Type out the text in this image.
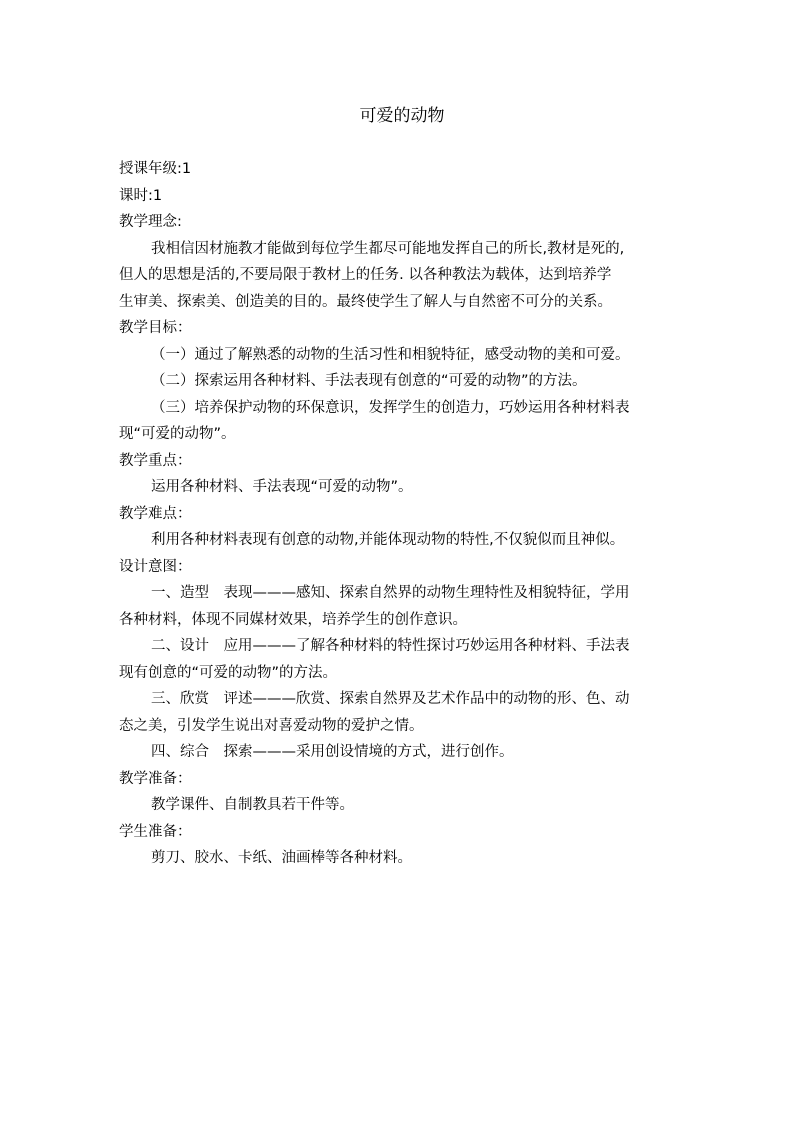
可爱的动物

授课年级:1

课时:1

教学理念:

我相信因材施教才能做到每位学生都尽可能地发挥自己的所长,教材是死的,

但人的思想是活的,不要局限于教材上的任务. 以各种教法为载体，达到培养学

生审美、探索美、创造美的目的。最终使学生了解人与自然密不可分的关系。

教学目标：

（一）通过了解熟悉的动物的生活习性和相貌特征，感受动物的美和可爱。

（二）探索运用各种材料、手法表现有创意的“可爱的动物”的方法。

（三）培养保护动物的环保意识，发挥学生的创造力，巧妙运用各种材料表

现“可爱的动物”。

教学重点：

运用各种材料、手法表现“可爱的动物”。

教学难点：

利用各种材料表现有创意的动物,并能体现动物的特性,不仅貌似而且神似。

设计意图：

一、造型　表现———感知、探索自然界的动物生理特性及相貌特征，学用

各种材料，体现不同媒材效果，培养学生的创作意识。

二、设计　应用———了解各种材料的特性探讨巧妙运用各种材料、手法表

现有创意的“可爱的动物”的方法。

三、欣赏　评述———欣赏、探索自然界及艺术作品中的动物的形、色、动

态之美，引发学生说出对喜爱动物的爱护之情。

四、综合　探索———采用创设情境的方式，进行创作。

教学准备：

教学课件、自制教具若干件等。

学生准备：

剪刀、胶水、卡纸、油画棒等各种材料。
